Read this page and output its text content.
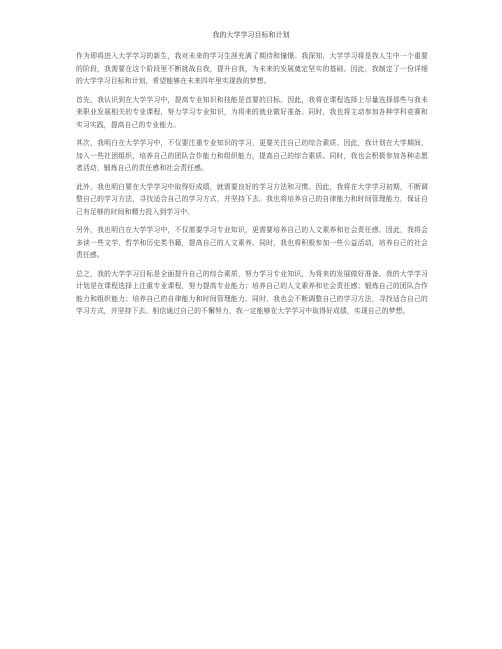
我的大学学习目标和计划

作为即将进入大学学习的新生，我对未来的学习生涯充满了期待和憧憬。我深知，大学学习将是我人生中一个重要的阶段，我需要在这个阶段里不断挑战自我，提升自我，为未来的发展奠定坚实的基础。因此，我制定了一份详细的大学学习目标和计划，希望能够在未来四年里实现我的梦想。

首先，我认识到在大学学习中，提高专业知识和技能是首要的目标。因此，我将在课程选择上尽量选择那些与我未来职业发展相关的专业课程，努力学习专业知识，为将来的就业做好准备。同时，我也将主动参加各种学科竞赛和实习实践，提高自己的专业能力。

其次，我明白在大学学习中，不仅要注重专业知识的学习，更要关注自己的综合素质。因此，我计划在大学期间，加入一些社团组织，培养自己的团队合作能力和组织能力，提高自己的综合素质。同时，我也会积极参加各种志愿者活动，锻炼自己的责任感和社会责任感。

此外，我也明白要在大学学习中取得好成绩，就需要良好的学习方法和习惯。因此，我将在大学学习初期，不断调整自己的学习方法，寻找适合自己的学习方式，并坚持下去。我也将培养自己的自律能力和时间管理能力，保证自己有足够的时间和精力投入到学习中。

另外，我也明白在大学学习中，不仅需要学习专业知识，更需要培养自己的人文素养和社会责任感。因此，我将会多读一些文学、哲学和历史类书籍，提高自己的人文素养。同时，我也将积极参加一些公益活动，培养自己的社会责任感。

总之，我的大学学习目标是全面提升自己的综合素质，努力学习专业知识，为将来的发展做好准备。我的大学学习计划是在课程选择上注重专业课程，努力提高专业能力；培养自己的人文素养和社会责任感；锻炼自己的团队合作能力和组织能力；培养自己的自律能力和时间管理能力。同时，我也会不断调整自己的学习方法，寻找适合自己的学习方式，并坚持下去。相信通过自己的不懈努力，我一定能够在大学学习中取得好成绩，实现自己的梦想。
